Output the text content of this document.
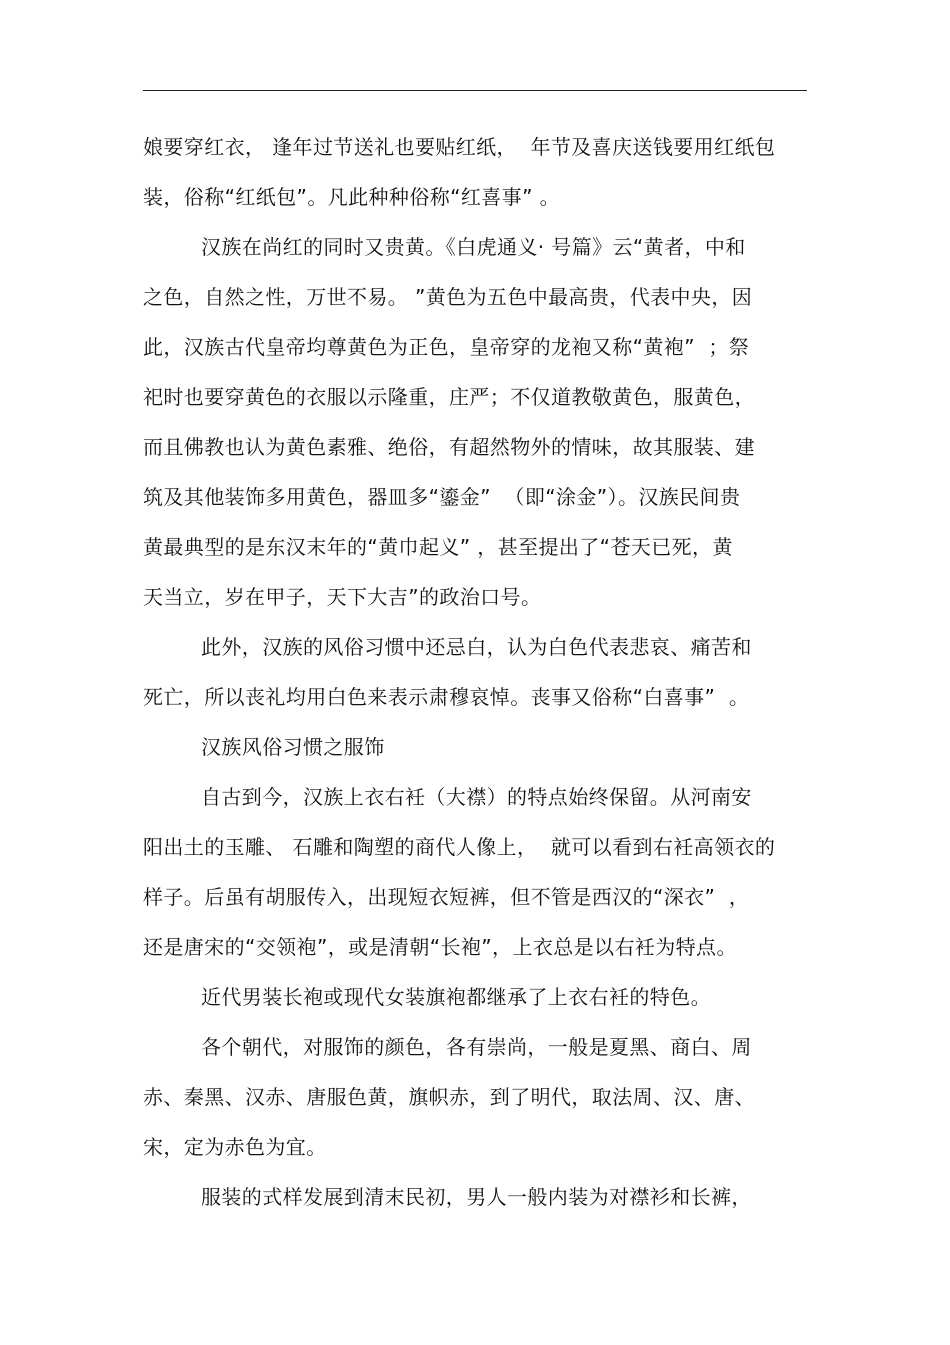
娘要穿红衣， 逢年过节送礼也要贴红纸，  年节及喜庆送钱要用红纸包
装，俗称“红纸包”。凡此种种俗称“红喜事” 。
汉族在尚红的同时又贵黄。《白虎通义· 号篇》云“黄者，中和
之色，自然之性，万世不易。 ”黄色为五色中最高贵，代表中央，因
此，汉族古代皇帝均尊黄色为正色，皇帝穿的龙袍又称“黄袍”  ；祭
祀时也要穿黄色的衣服以示隆重，庄严；不仅道教敬黄色，服黄色，
而且佛教也认为黄色素雅、绝俗，有超然物外的情味，故其服装、建
筑及其他装饰多用黄色，器皿多“鎏金”  （即“涂金”）。汉族民间贵
黄最典型的是东汉末年的“黄巾起义” ，甚至提出了“苍天已死，黄
天当立，岁在甲子，天下大吉”的政治口号。
此外，汉族的风俗习惯中还忌白，认为白色代表悲哀、痛苦和
死亡，所以丧礼均用白色来表示肃穆哀悼。丧事又俗称“白喜事”  。
汉族风俗习惯之服饰
自古到今，汉族上衣右衽（大襟）的特点始终保留。从河南安
阳出土的玉雕、 石雕和陶塑的商代人像上，  就可以看到右衽高领衣的
样子。后虽有胡服传入，出现短衣短裤，但不管是西汉的“深衣”  ，
还是唐宋的“交领袍”，或是清朝“长袍”，上衣总是以右衽为特点。
近代男装长袍或现代女装旗袍都继承了上衣右衽的特色。
各个朝代，对服饰的颜色，各有崇尚，一般是夏黑、商白、周
赤、秦黑、汉赤、唐服色黄，旗帜赤，到了明代，取法周、汉、唐、
宋，定为赤色为宜。
服装的式样发展到清末民初，男人一般内装为对襟衫和长裤，
